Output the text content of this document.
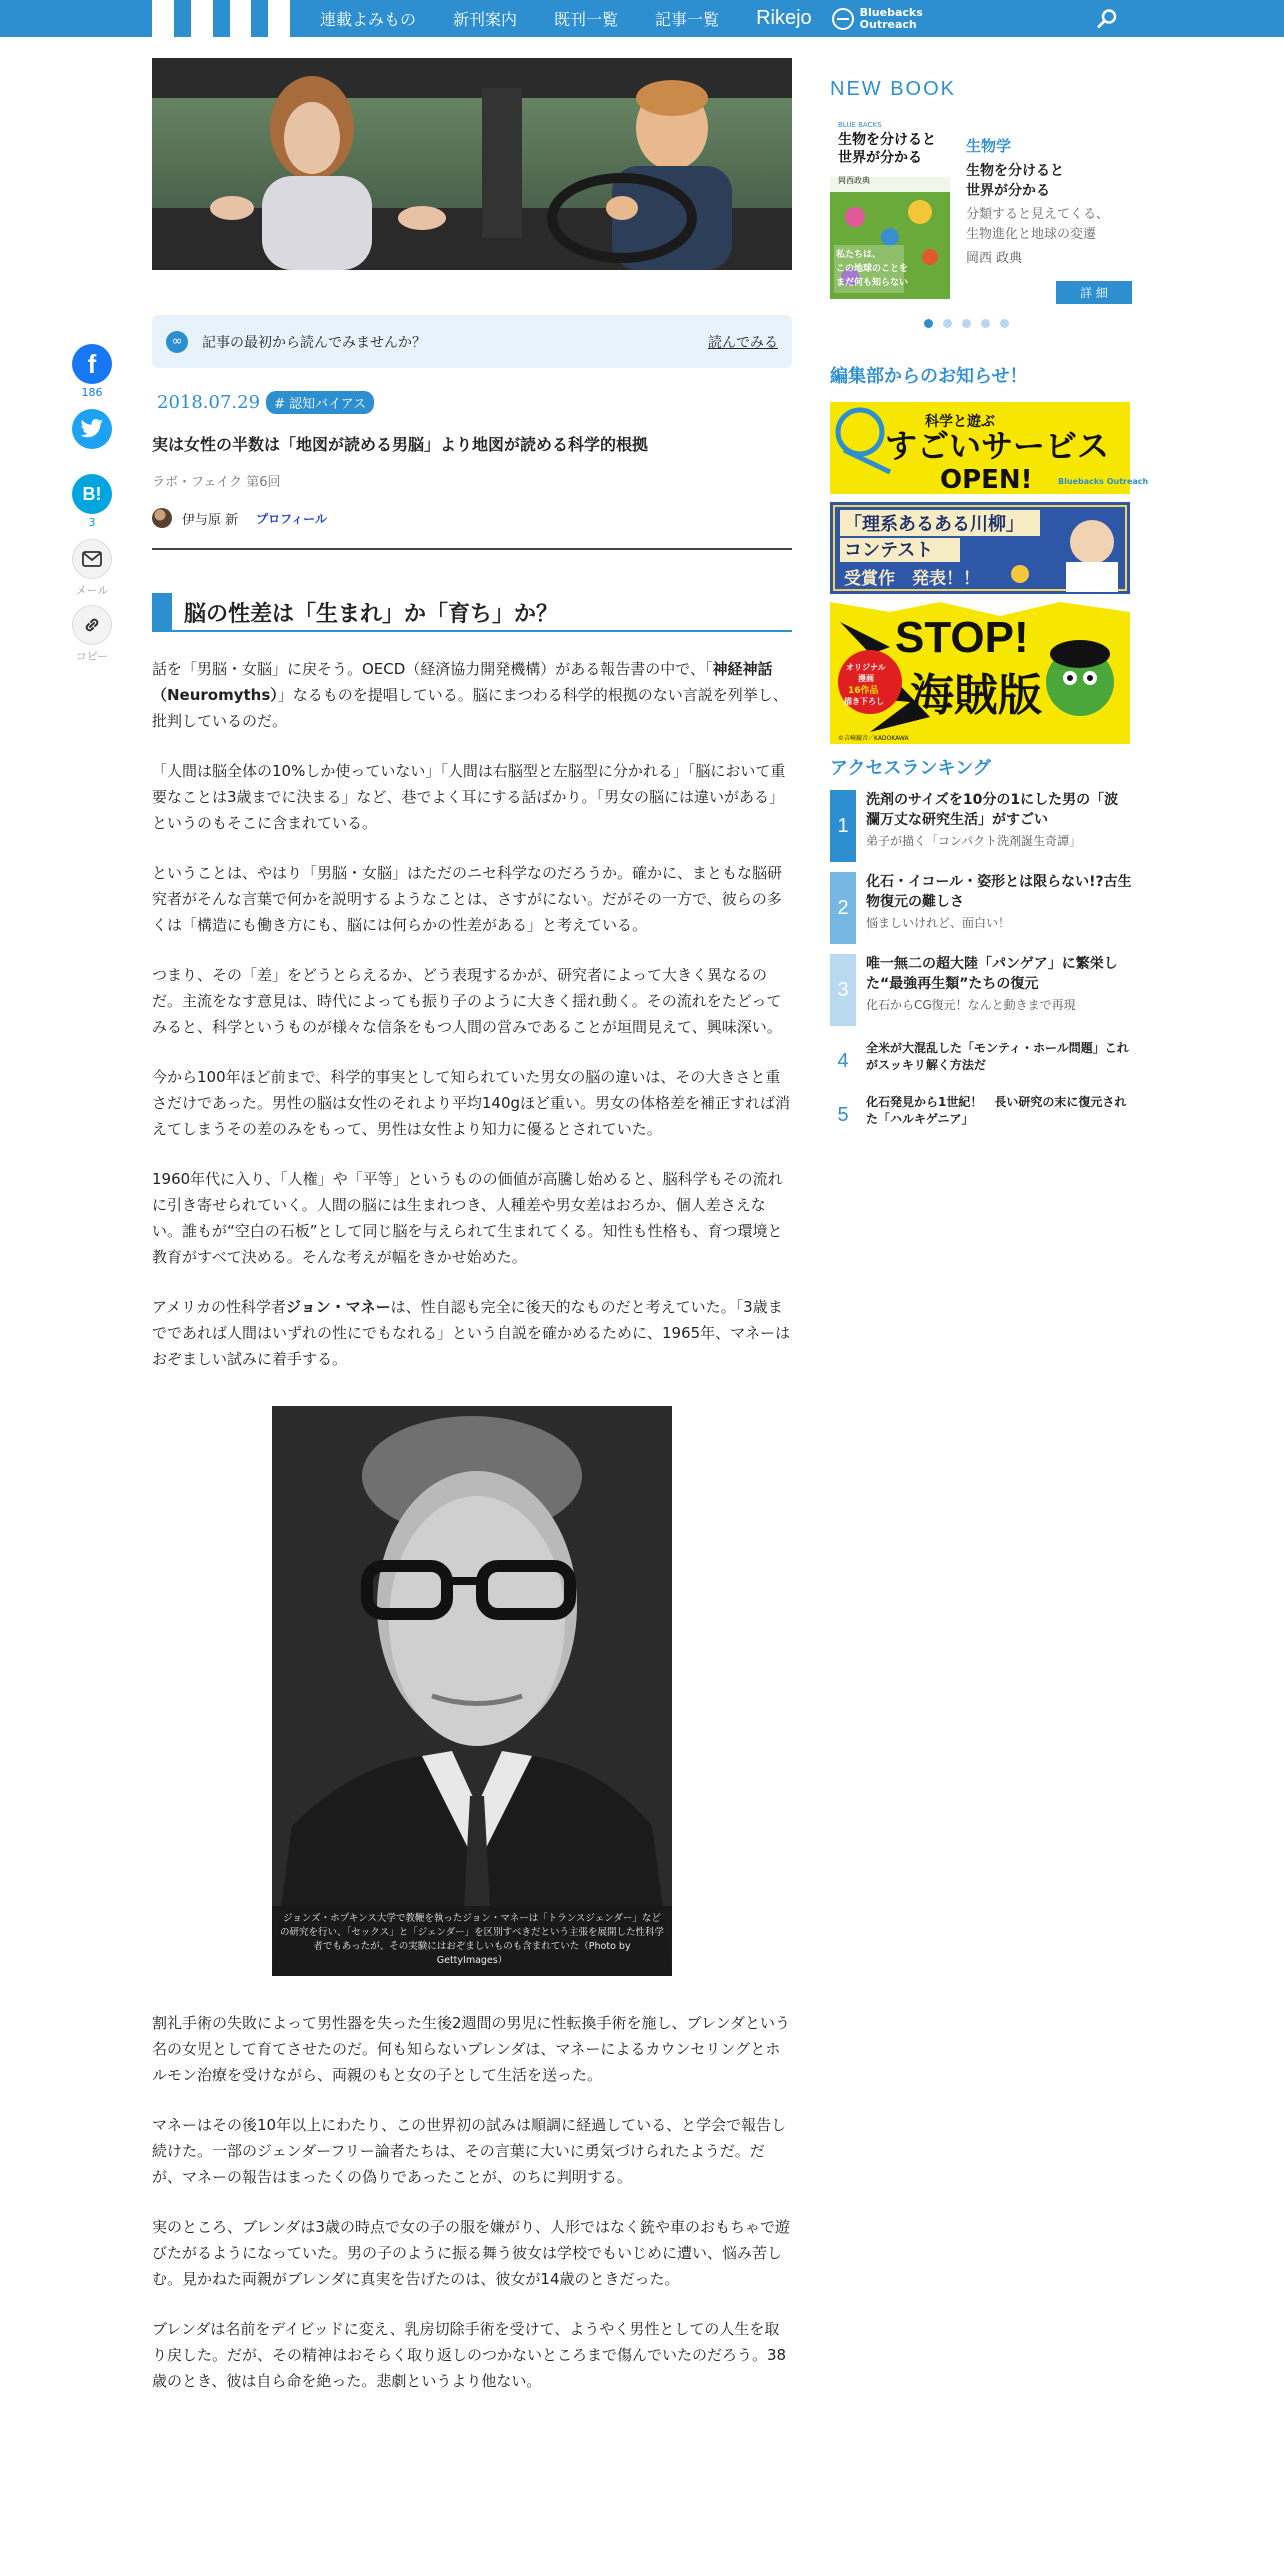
連載よみもの 新刊案内 既刊一覧 記事一覧 Rikejo	Bluebacks
Outreach
f
186
B!
3
メール
コピー
∞	記事の最初から読んでみませんか？	読んでみる
2018.07.29	# 認知バイアス
実は女性の半数は「地図が読める男脳」より地図が読める科学的根拠
ラボ・フェイク 第6回
伊与原 新 プロフィール
脳の性差は「生まれ」か「育ち」か？

話を「男脳・女脳」に戻そう。OECD（経済協力開発機構）がある報告書の中で、「神経神話（Neuromyths）」なるものを提唱している。脳にまつわる科学的根拠のない言説を列挙し、批判しているのだ。

「人間は脳全体の10%しか使っていない」「人間は右脳型と左脳型に分かれる」「脳において重要なことは3歳までに決まる」など、巷でよく耳にする話ばかり。「男女の脳には違いがある」というのもそこに含まれている。

ということは、やはり「男脳・女脳」はただのニセ科学なのだろうか。確かに、まともな脳研究者がそんな言葉で何かを説明するようなことは、さすがにない。だがその一方で、彼らの多くは「構造にも働き方にも、脳には何らかの性差がある」と考えている。

つまり、その「差」をどうとらえるか、どう表現するかが、研究者によって大きく異なるのだ。主流をなす意見は、時代によっても振り子のように大きく揺れ動く。その流れをたどってみると、科学というものが様々な信条をもつ人間の営みであることが垣間見えて、興味深い。

今から100年ほど前まで、科学的事実として知られていた男女の脳の違いは、その大きさと重さだけであった。男性の脳は女性のそれより平均140gほど重い。男女の体格差を補正すれば消えてしまうその差のみをもって、男性は女性より知力に優るとされていた。

1960年代に入り、「人権」や「平等」というものの価値が高騰し始めると、脳科学もその流れに引き寄せられていく。人間の脳には生まれつき、人種差や男女差はおろか、個人差さえない。誰もが“空白の石板”として同じ脳を与えられて生まれてくる。知性も性格も、育つ環境と教育がすべて決める。そんな考えが幅をきかせ始めた。

アメリカの性科学者ジョン・マネーは、性自認も完全に後天的なものだと考えていた。「3歳までであれば人間はいずれの性にでもなれる」という自説を確かめるために、1965年、マネーはおぞましい試みに着手する。

ジョンズ・ホプキンス大学で教鞭を執ったジョン・マネーは「トランスジェンダー」などの研究を行い、「セックス」と「ジェンダー」を区別すべきだという主張を展開した性科学者でもあったが、その実験にはおぞましいものも含まれていた（Photo by GettyImages）

割礼手術の失敗によって男性器を失った生後2週間の男児に性転換手術を施し、ブレンダという名の女児として育てさせたのだ。何も知らないブレンダは、マネーによるカウンセリングとホルモン治療を受けながら、両親のもと女の子として生活を送った。

マネーはその後10年以上にわたり、この世界初の試みは順調に経過している、と学会で報告し続けた。一部のジェンダーフリー論者たちは、その言葉に大いに勇気づけられたようだ。だが、マネーの報告はまったくの偽りであったことが、のちに判明する。

実のところ、ブレンダは3歳の時点で女の子の服を嫌がり、人形ではなく銃や車のおもちゃで遊びたがるようになっていた。男の子のように振る舞う彼女は学校でもいじめに遭い、悩み苦しむ。見かねた両親がブレンダに真実を告げたのは、彼女が14歳のときだった。

ブレンダは名前をデイビッドに変え、乳房切除手術を受けて、ようやく男性としての人生を取り戻した。だが、その精神はおそらく取り返しのつかないところまで傷んでいたのだろう。38歳のとき、彼は自ら命を絶った。悲劇というより他ない。

NEW BOOK
BLUE BACKS
生物を分けると
世界が分かる
岡西政典
私たちは、
この地球のことを
まだ何も知らない
生物学
生物を分けると
世界が分かる
分類すると見えてくる、
生物進化と地球の変遷
岡西 政典
詳 細
編集部からのお知らせ！
科学と遊ぶ
すごいサービス
OPEN!	Bluebacks Outreach
「理系あるある川柳」
コンテスト
受賞作　発表！！
STOP!
海賊版
オリジナル
漫画
16作品
描き下ろし
©吉崎観音／KADOKAWA
アクセスランキング
1
洗剤のサイズを10分の1にした男の「波瀾万丈な研究生活」がすごい
弟子が描く「コンパクト洗剤誕生奇譚」
2
化石・イコール・姿形とは限らない!?古生物復元の難しさ
悩ましいけれど、面白い！
3
唯一無二の超大陸「パンゲア」に繁栄した“最強再生類”たちの復元
化石からCG復元！なんと動きまで再現
4
全米が大混乱した「モンティ・ホール問題」これがスッキリ解く方法だ
5
化石発見から1世紀！　長い研究の末に復元された「ハルキゲニア」
